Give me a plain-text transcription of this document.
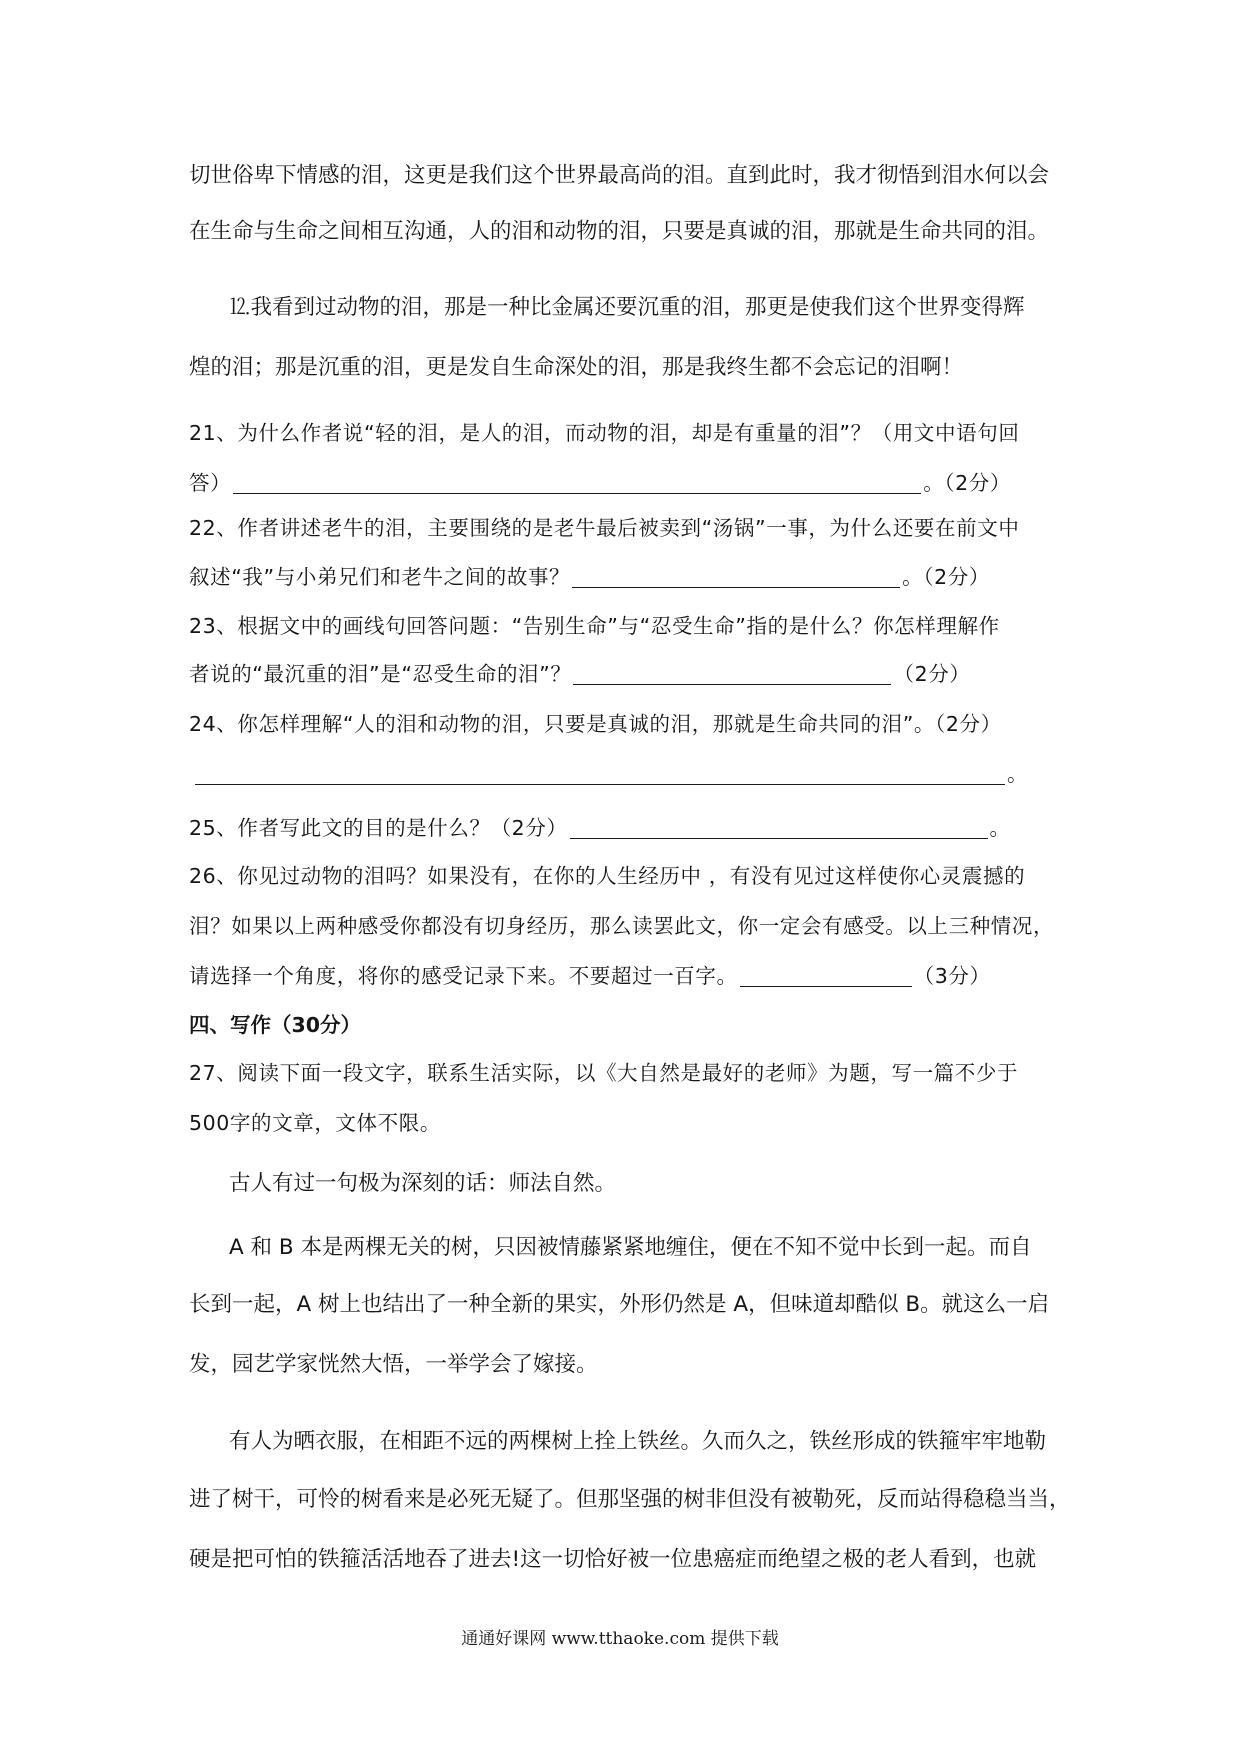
切世俗卑下情感的泪，这更是我们这个世界最高尚的泪。直到此时，我才彻悟到泪水何以会
在生命与生命之间相互沟通，人的泪和动物的泪，只要是真诚的泪，那就是生命共同的泪。
⒓我看到过动物的泪，那是一种比金属还要沉重的泪，那更是使我们这个世界变得辉
煌的泪；那是沉重的泪，更是发自生命深处的泪，那是我终生都不会忘记的泪啊！
21、为什么作者说“轻的泪，是人的泪，而动物的泪，却是有重量的泪”？（用文中语句回
答）	。（2分）
22、作者讲述老牛的泪，主要围绕的是老牛最后被卖到“汤锅”一事，为什么还要在前文中
叙述“我”与小弟兄们和老牛之间的故事？	。（2分）
23、根据文中的画线句回答问题：“告别生命”与“忍受生命”指的是什么？你怎样理解作
者说的“最沉重的泪”是“忍受生命的泪”？	（2分）
24、你怎样理解“人的泪和动物的泪，只要是真诚的泪，那就是生命共同的泪”。（2分）
。
25、作者写此文的目的是什么？（2分）	。
26、你见过动物的泪吗？如果没有，在你的人生经历中 ，有没有见过这样使你心灵震撼的
泪？如果以上两种感受你都没有切身经历，那么读罢此文，你一定会有感受。以上三种情况，
请选择一个角度，将你的感受记录下来。不要超过一百字。	（3分）
四、写作（30分）
27、阅读下面一段文字，联系生活实际，以《大自然是最好的老师》为题，写一篇不少于
500字的文章，文体不限。
古人有过一句极为深刻的话：师法自然。
A 和 B 本是两棵无关的树，只因被情藤紧紧地缠住，便在不知不觉中长到一起。而自
长到一起，A 树上也结出了一种全新的果实，外形仍然是 A，但味道却酷似 B。就这么一启
发，园艺学家恍然大悟，一举学会了嫁接。
有人为晒衣服，在相距不远的两棵树上拴上铁丝。久而久之，铁丝形成的铁箍牢牢地勒
进了树干，可怜的树看来是必死无疑了。但那坚强的树非但没有被勒死，反而站得稳稳当当，
硬是把可怕的铁箍活活地吞了进去!这一切恰好被一位患癌症而绝望之极的老人看到，也就
通通好课网 www.tthaoke.com 提供下载
